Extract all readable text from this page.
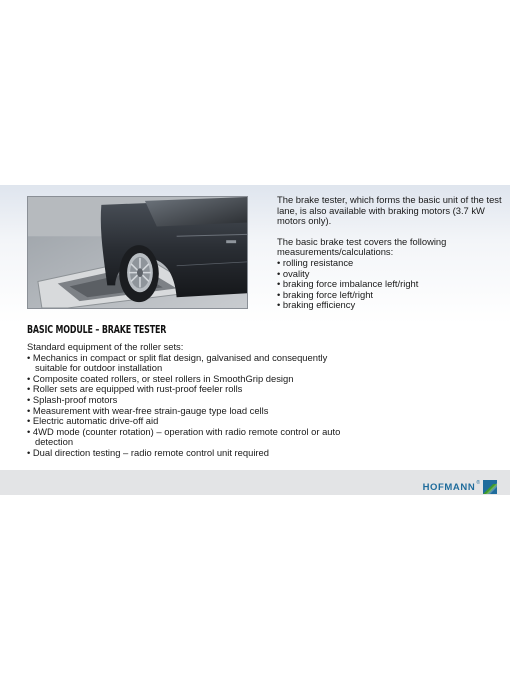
The brake tester, which forms the basic unit of the test lane, is also available with braking motors (3.7 kW motors only).

The basic brake test covers the following measurements/calculations:

• rolling resistance
• ovality
• braking force imbalance left/right
• braking force left/right
• braking efficiency
BASIC MODULE – BRAKE TESTER

Standard equipment of the roller sets:

• Mechanics in compact or split flat design, galvanised and consequently suitable for outdoor installation
• Composite coated rollers, or steel rollers in SmoothGrip design
• Roller sets are equipped with rust-proof feeler rolls
• Splash-proof motors
• Measurement with wear-free strain-gauge type load cells
• Electric automatic drive-off aid
• 4WD mode (counter rotation) – operation with radio remote control or auto detection
• Dual direction testing – radio remote control unit required
HOFMANN ®
